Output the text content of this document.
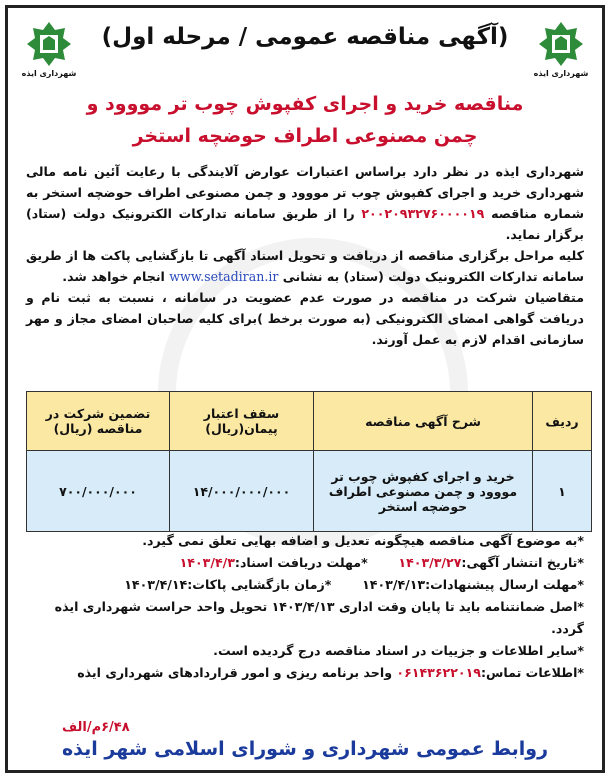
شهرداری ایذه
شهرداری ایذه
(آگهی مناقصه عمومی / مرحله اول)
مناقصه خرید و اجرای کفپوش چوب تر مووود و
چمن مصنوعی اطراف حوضچه استخر

شهرداری ایذه در نظر دارد براساس اعتبارات عوارض آلایندگی با رعایت آئین نامه مالی شهرداری خرید و اجرای کفپوش چوب تر مووود و چمن مصنوعی اطراف حوضچه استخر به شماره مناقصه ۲۰۰۲۰۹۳۲۷۶۰۰۰۰۱۹ را از طریق سامانه تدارکات الکترونیک دولت (ستاد) برگزار نماید.

کلیه مراحل برگزاری مناقصه از دریافت و تحویل اسناد آگهی تا بازگشایی پاکت ها از طریق سامانه تدارکات الکترونیک دولت (ستاد) به نشانی www.setadiran.ir انجام خواهد شد.

متقاضیان شرکت در مناقصه در صورت عدم عضویت در سامانه ، نسبت به ثبت نام و دریافت گواهی امضای الکترونیکی (به صورت برخط )برای کلیه صاحبان امضای مجاز و مهر سازمانی اقدام لازم به عمل آورند.

ردیف	شرح آگهی مناقصه	سقف اعتبار پیمان(ریال)	تضمین شرکت در مناقصه (ریال)
۱	خرید و اجرای کفپوش چوب تر مووود و چمن مصنوعی اطراف حوضچه استخر	۱۴/۰۰۰/۰۰۰/۰۰۰	۷۰۰/۰۰۰/۰۰۰

*به موضوع آگهی مناقصه هیچگونه تعدیل و اضافه بهایی تعلق نمی گیرد.

*تاریخ انتشار آگهی:۱۴۰۳/۳/۲۷       *مهلت دریافت اسناد:۱۴۰۳/۴/۳

*مهلت ارسال پیشنهادات:۱۴۰۳/۴/۱۳       *زمان بازگشایی پاکات:۱۴۰۳/۴/۱۴

*اصل ضمانتنامه باید تا پایان وقت اداری ۱۴۰۳/۴/۱۳ تحویل واحد حراست شهرداری ایذه گردد.

*سایر اطلاعات و جزییات در اسناد مناقصه درج گردیده است.

*اطلاعات تماس:۰۶۱۴۳۶۲۲۰۱۹ واحد برنامه ریزی و امور قراردادهای شهرداری ایذه

۶/۴۸م/الف
روابط عمومی شهرداری و شورای اسلامی شهر ایذه
